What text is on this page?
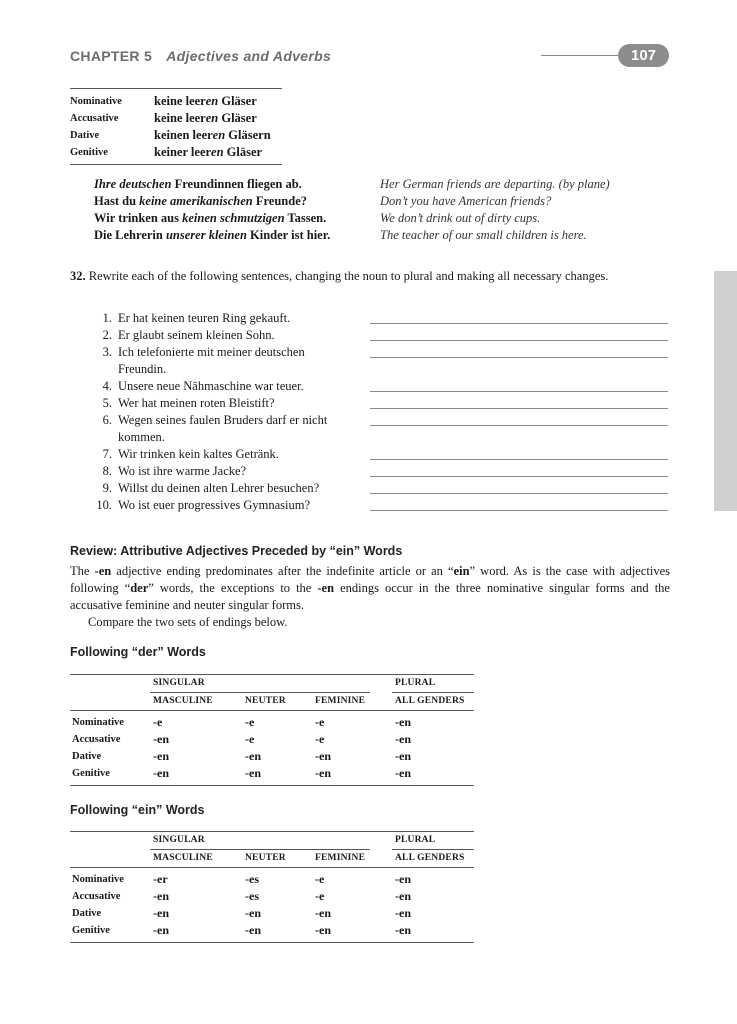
CHAPTER 5 Adjectives and Adverbs	107
Nominative	keine leeren Gläser
Accusative	keine leeren Gläser
Dative	keinen leeren Gläsern
Genitive	keiner leeren Gläser
Ihre deutschen Freundinnen fliegen ab.	Her German friends are departing. (by plane)
Hast du keine amerikanischen Freunde?	Don’t you have American friends?
Wir trinken aus keinen schmutzigen Tassen.	We don’t drink out of dirty cups.
Die Lehrerin unserer kleinen Kinder ist hier.	The teacher of our small children is here.
32. Rewrite each of the following sentences, changing the noun to plural and making all necessary changes.
1. Er hat keinen teuren Ring gekauft.
2. Er glaubt seinem kleinen Sohn.
3. Ich telefonierte mit meiner deutschen Freundin.
4. Unsere neue Nähmaschine war teuer.
5. Wer hat meinen roten Bleistift?
6. Wegen seines faulen Bruders darf er nicht kommen.
7. Wir trinken kein kaltes Getränk.
8. Wo ist ihre warme Jacke?
9. Willst du deinen alten Lehrer besuchen?
10. Wo ist euer progressives Gymnasium?
Review: Attributive Adjectives Preceded by “ein” Words

The -en adjective ending predominates after the indefinite article or an “ein” word. As is the case with adjectives following “der” words, the exceptions to the -en endings occur in the three nominative singular forms and the accusative feminine and neuter singular forms.

Compare the two sets of endings below.

Following “der” Words
SINGULAR	PLURAL
MASCULINE	NEUTER	FEMININE	ALL GENDERS
Nominative -e	-e	-e	-en
Accusative	-en	-e	-e	-en
Dative	-en	-en	-en	-en
Genitive	-en	-en	-en	-en
Following “ein” Words
SINGULAR	PLURAL
MASCULINE	NEUTER	FEMININE	ALL GENDERS
Nominative -er	-es	-e	-en
Accusative	-en	-es	-e	-en
Dative	-en	-en	-en	-en
Genitive	-en	-en	-en	-en
